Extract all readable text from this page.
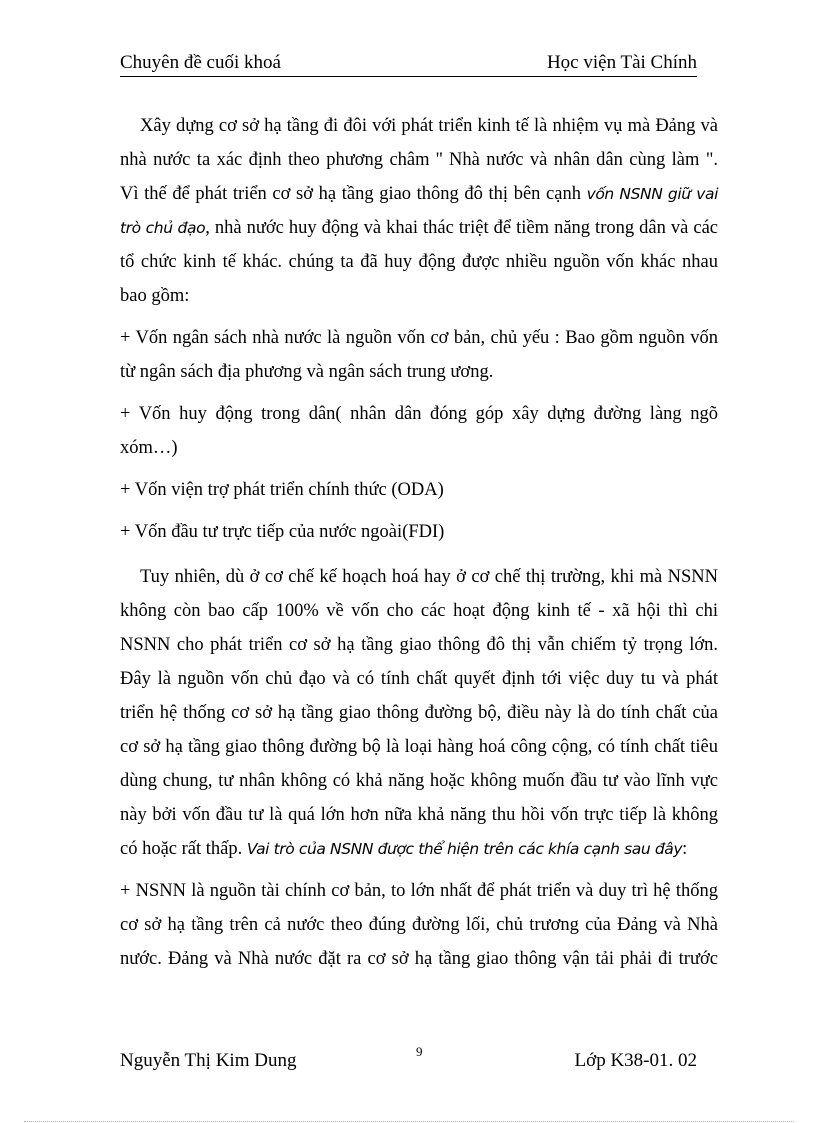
Chuyên đề cuối khoá	Học viện Tài Chính
Xây dựng cơ sở hạ tầng đi đôi với phát triển kinh tế là nhiệm vụ mà Đảng và
nhà nước ta xác định theo phương châm '' Nhà nước và nhân dân cùng làm ".
Vì thế để phát triển cơ sở hạ tầng giao thông đô thị bên cạnh vốn NSNN giữ vai
trò chủ đạo, nhà nước huy động và khai thác triệt để tiềm năng trong dân và các
tổ chức kinh tế khác. chúng ta đã huy động được nhiều nguồn vốn khác nhau
bao gồm:
+ Vốn ngân sách nhà nước là nguồn vốn cơ bản, chủ yếu : Bao gồm nguồn vốn
từ ngân sách địa phương và ngân sách trung ương.
+ Vốn huy động trong dân( nhân dân đóng góp xây dựng đường làng ngõ
xóm…)
+ Vốn viện trợ phát triển chính thức (ODA)
+ Vốn đầu tư trực tiếp của nước ngoài(FDI)
Tuy nhiên, dù ở cơ chế kế hoạch hoá hay ở cơ chế thị trường, khi mà NSNN
không còn bao cấp 100% về vốn cho các hoạt động kinh tế - xã hội thì chi
NSNN cho phát triển cơ sở hạ tầng giao thông đô thị vẫn chiếm tỷ trọng lớn.
Đây là nguồn vốn chủ đạo và có tính chất quyết định tới việc duy tu và phát
triển hệ thống cơ sở hạ tầng giao thông đường bộ, điều này là do tính chất của
cơ sở hạ tầng giao thông đường bộ là loại hàng hoá công cộng, có tính chất tiêu
dùng chung, tư nhân không có khả năng hoặc không muốn đầu tư vào lĩnh vực
này bởi vốn đầu tư là quá lớn hơn nữa khả năng thu hồi vốn trực tiếp là không
có hoặc rất thấp. Vai trò của NSNN được thể hiện trên các khía cạnh sau đây:
+ NSNN là nguồn tài chính cơ bản, to lớn nhất để phát triển và duy trì hệ thống
cơ sở hạ tầng trên cả nước theo đúng đường lối, chủ trương của Đảng và Nhà
nước. Đảng và Nhà nước đặt ra cơ sở hạ tầng giao thông vận tải phải đi trước
Nguyễn Thị Kim Dung	9	Lớp K38-01. 02
